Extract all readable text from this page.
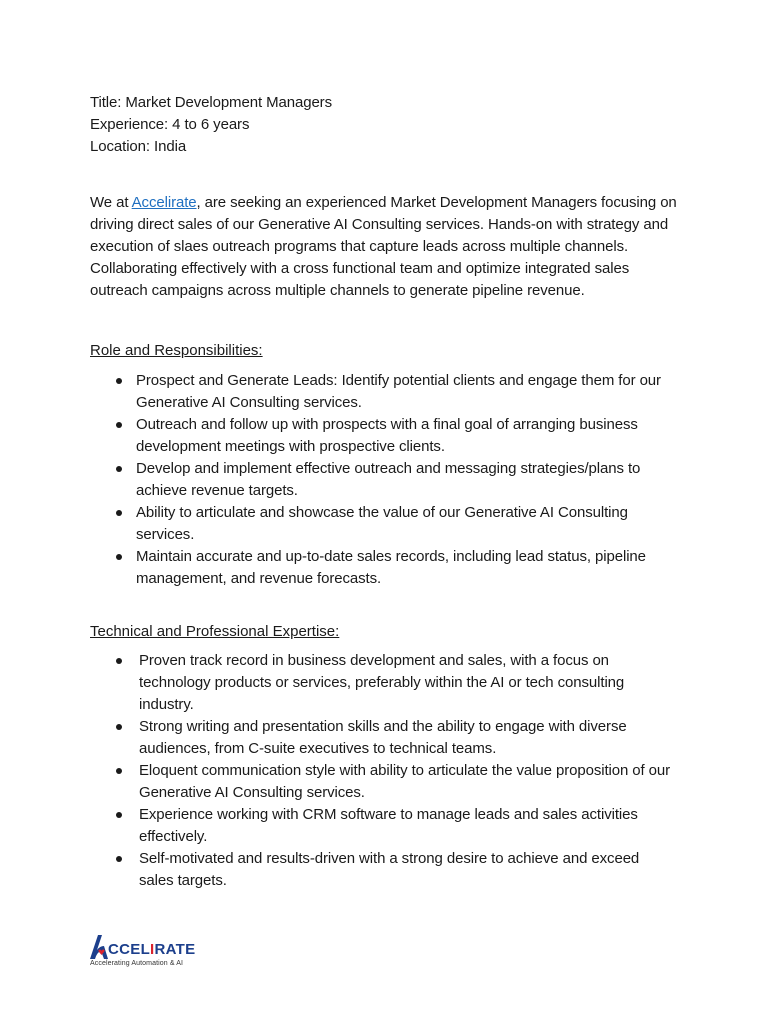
Title: Market Development Managers
Experience: 4 to 6 years
Location: India

We at Accelirate, are seeking an experienced Market Development Managers focusing on driving direct sales of our Generative AI Consulting services. Hands-on with strategy and execution of slaes outreach programs that capture leads across multiple channels. Collaborating effectively with a cross functional team and optimize integrated sales outreach campaigns across multiple channels to generate pipeline revenue.

Role and Responsibilities:
Prospect and Generate Leads: Identify potential clients and engage them for our Generative AI Consulting services.
Outreach and follow up with prospects with a final goal of arranging business development meetings with prospective clients.
Develop and implement effective outreach and messaging strategies/plans to achieve revenue targets.
Ability to articulate and showcase the value of our Generative AI Consulting services.
Maintain accurate and up-to-date sales records, including lead status, pipeline management, and revenue forecasts.
Technical and Professional Expertise:
Proven track record in business development and sales, with a focus on technology products or services, preferably within the AI or tech consulting industry.
Strong writing and presentation skills and the ability to engage with diverse audiences, from C-suite executives to technical teams.
Eloquent communication style with ability to articulate the value proposition of our Generative AI Consulting services.
Experience working with CRM software to manage leads and sales activities effectively.
Self-motivated and results-driven with a strong desire to achieve and exceed sales targets.
CCELIRATE
Accelerating Automation & AI
